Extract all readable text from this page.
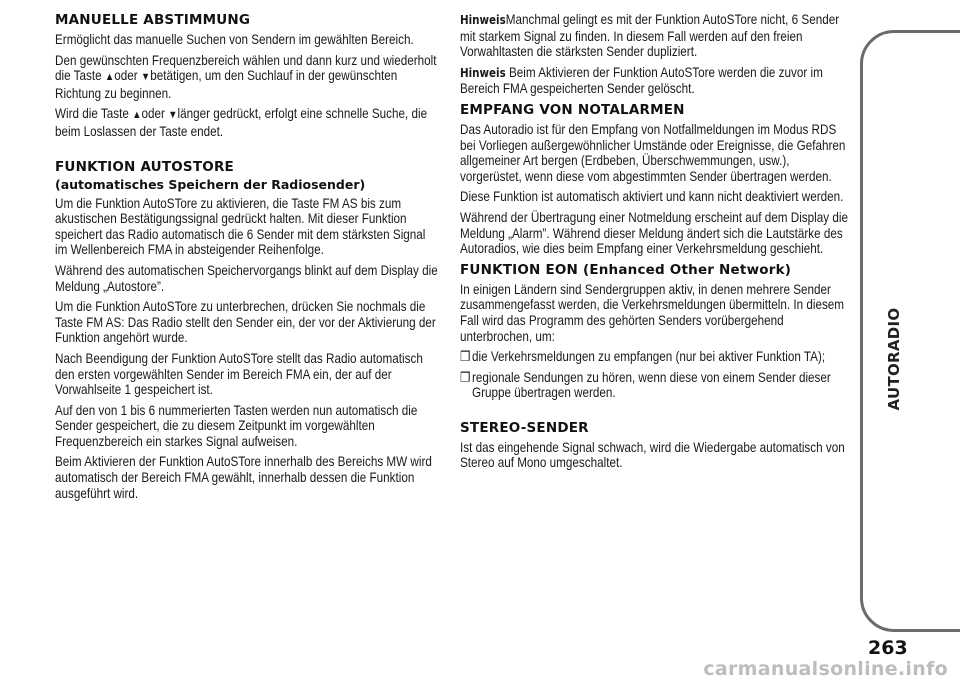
MANUELLE ABSTIMMUNG

Ermöglicht das manuelle Suchen von Sendern im gewählten Bereich.

Den gewünschten Frequenzbereich wählen und dann kurz und wiederholt die Taste ▲oder ▼betätigen, um den Suchlauf in der gewünschten Richtung zu beginnen.

Wird die Taste ▲oder ▼länger gedrückt, erfolgt eine schnelle Suche, die beim Loslassen der Taste endet.

FUNKTION AUTOSTORE
(automatisches Speichern der Radiosender)

Um die Funktion AutoSTore zu aktivieren, die Taste FM AS bis zum akustischen Bestätigungssignal gedrückt halten. Mit dieser Funktion speichert das Radio automatisch die 6 Sender mit dem stärksten Signal im Wellenbereich FMA in absteigender Reihenfolge.

Während des automatischen Speichervorgangs blinkt auf dem Display die Meldung „Autostore”.

Um die Funktion AutoSTore zu unterbrechen, drücken Sie nochmals die Taste FM AS: Das Radio stellt den Sender ein, der vor der Aktivierung der Funktion angehört wurde.

Nach Beendigung der Funktion AutoSTore stellt das Radio automatisch den ersten vorgewählten Sender im Bereich FMA ein, der auf der Vorwahlseite 1 gespeichert ist.

Auf den von 1 bis 6 nummerierten Tasten werden nun automatisch die Sender gespeichert, die zu diesem Zeitpunkt im vorgewählten Frequenzbereich ein starkes Signal aufweisen.

Beim Aktivieren der Funktion AutoSTore innerhalb des Bereichs MW wird automatisch der Bereich FMA gewählt, innerhalb dessen die Funktion ausgeführt wird.

HinweisManchmal gelingt es mit der Funktion AutoSTore nicht, 6 Sender mit starkem Signal zu finden. In diesem Fall werden auf den freien Vorwahltasten die stärksten Sender dupliziert.

Hinweis Beim Aktivieren der Funktion AutoSTore werden die zuvor im Bereich FMA gespeicherten Sender gelöscht.

EMPFANG VON NOTALARMEN

Das Autoradio ist für den Empfang von Notfallmeldungen im Modus RDS bei Vorliegen außergewöhnlicher Umstände oder Ereignisse, die Gefahren allgemeiner Art bergen (Erdbeben, Überschwemmungen, usw.), vorgerüstet, wenn diese vom abgestimmten Sender übertragen werden.

Diese Funktion ist automatisch aktiviert und kann nicht deaktiviert werden.

Während der Übertragung einer Notmeldung erscheint auf dem Display die Meldung „Alarm”. Während dieser Meldung ändert sich die Lautstärke des Autoradios, wie dies beim Empfang einer Verkehrsmeldung geschieht.

FUNKTION EON (Enhanced Other Network)

In einigen Ländern sind Sendergruppen aktiv, in denen mehrere Sender zusammengefasst werden, die Verkehrsmeldungen übermitteln. In diesem Fall wird das Programm des gehörten Senders vorübergehend unterbrochen, um:

❒ die Verkehrsmeldungen zu empfangen (nur bei aktiver Funktion TA);

❒ regionale Sendungen zu hören, wenn diese von einem Sender dieser Gruppe übertragen werden.

STEREO-SENDER

Ist das eingehende Signal schwach, wird die Wiedergabe automatisch von Stereo auf Mono umgeschaltet.

AUTORADIO
263
carmanualsonline.info
